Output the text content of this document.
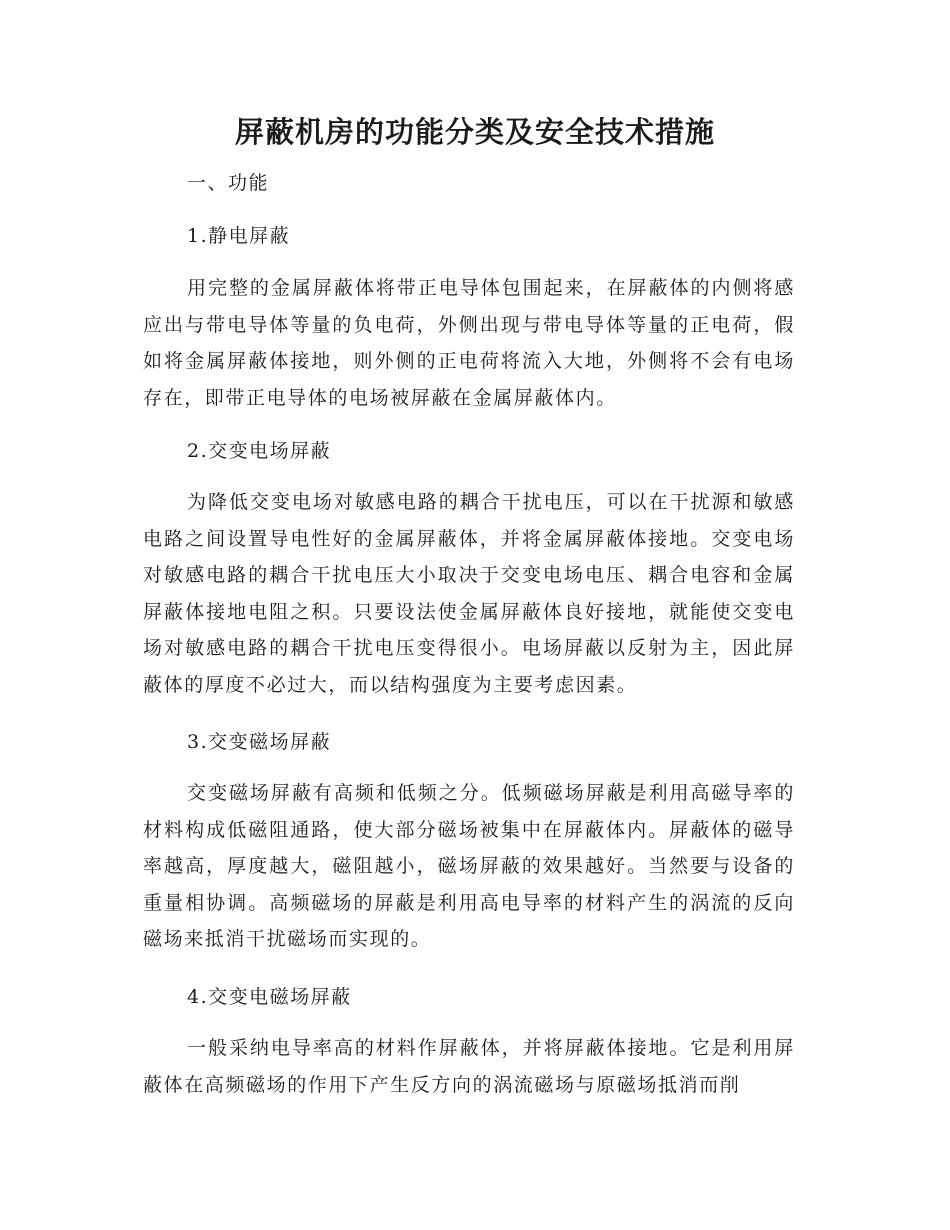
屏蔽机房的功能分类及安全技术措施
一、功能
1.静电屏蔽

用完整的金属屏蔽体将带正电导体包围起来，在屏蔽体的内侧将感应出与带电导体等量的负电荷，外侧出现与带电导体等量的正电荷，假如将金属屏蔽体接地，则外侧的正电荷将流入大地，外侧将不会有电场存在，即带正电导体的电场被屏蔽在金属屏蔽体内。

2.交变电场屏蔽

为降低交变电场对敏感电路的耦合干扰电压，可以在干扰源和敏感电路之间设置导电性好的金属屏蔽体，并将金属屏蔽体接地。交变电场对敏感电路的耦合干扰电压大小取决于交变电场电压、耦合电容和金属屏蔽体接地电阻之积。只要设法使金属屏蔽体良好接地，就能使交变电场对敏感电路的耦合干扰电压变得很小。电场屏蔽以反射为主，因此屏蔽体的厚度不必过大，而以结构强度为主要考虑因素。

3.交变磁场屏蔽

交变磁场屏蔽有高频和低频之分。低频磁场屏蔽是利用高磁导率的材料构成低磁阻通路，使大部分磁场被集中在屏蔽体内。屏蔽体的磁导率越高，厚度越大，磁阻越小，磁场屏蔽的效果越好。当然要与设备的重量相协调。高频磁场的屏蔽是利用高电导率的材料产生的涡流的反向磁场来抵消干扰磁场而实现的。

4.交变电磁场屏蔽

一般采纳电导率高的材料作屏蔽体，并将屏蔽体接地。它是利用屏蔽体在高频磁场的作用下产生反方向的涡流磁场与原磁场抵消而削
